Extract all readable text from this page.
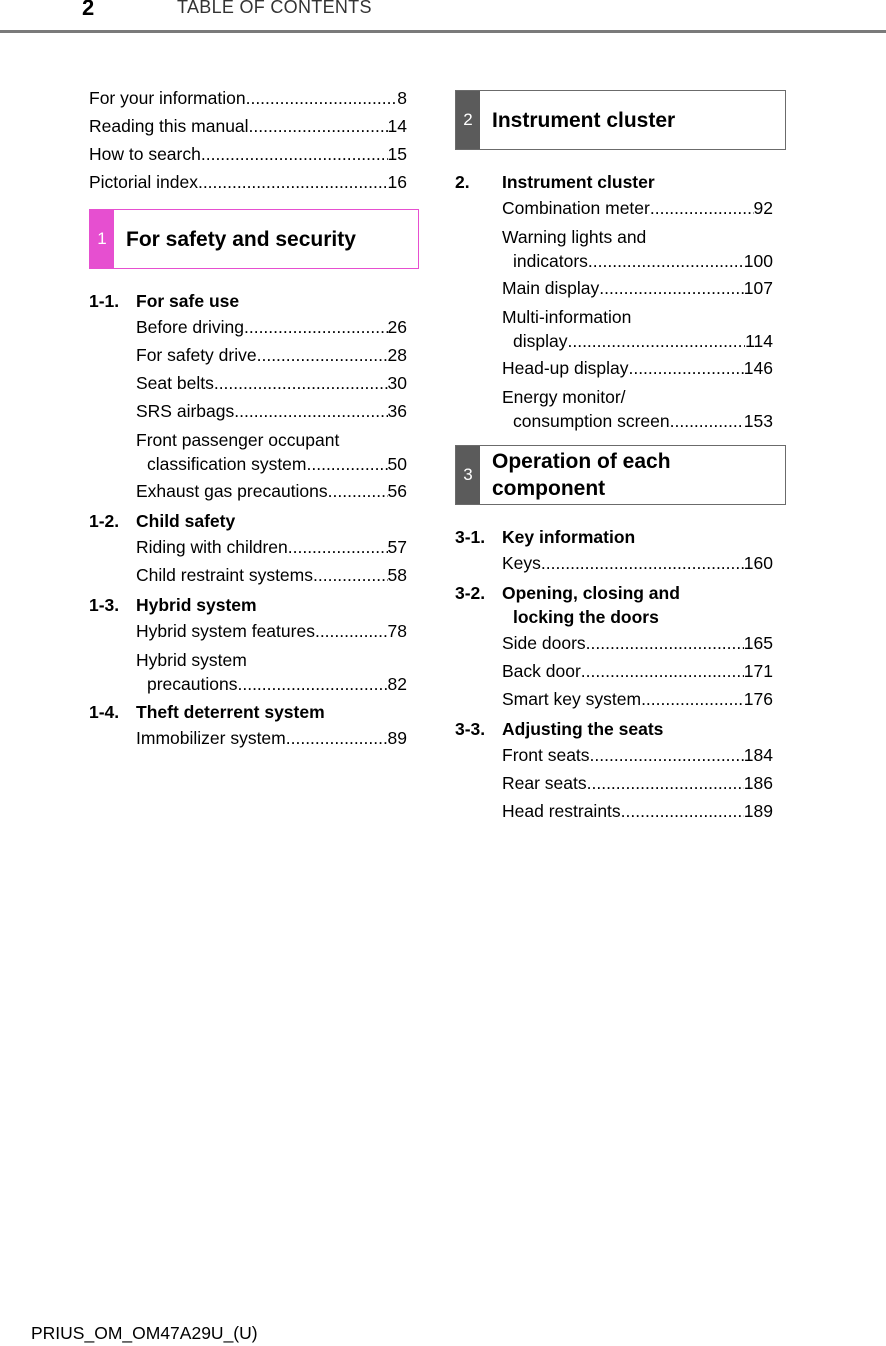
2	TABLE OF CONTENTS
For your information .....	8
Reading this manual .....	14
How to search .....	15
Pictorial index .....	16
1 For safety and security
1-1. For safe use
Before driving .....	26
For safety drive .....	28
Seat belts .....	30
SRS airbags .....	36
Front passenger occupant
classification system .....	50
Exhaust gas precautions .....	56
1-2. Child safety
Riding with children .....	57
Child restraint systems .....	58
1-3. Hybrid system
Hybrid system features .....	78
Hybrid system
precautions .....	82
1-4. Theft deterrent system
Immobilizer system .....	89
2 Instrument cluster
2.	Instrument cluster
Combination meter .....	92
Warning lights and
indicators .....	100
Main display .....	107
Multi-information
display .....	114
Head-up display .....	146
Energy monitor/
consumption screen .....	153
3
Operation of each
component
3-1. Key information
Keys .....	160
3-2. Opening, closing and
locking the doors
Side doors .....	165
Back door .....	171
Smart key system .....	176
3-3. Adjusting the seats
Front seats .....	184
Rear seats .....	186
Head restraints .....	189
PRIUS_OM_OM47A29U_(U)
